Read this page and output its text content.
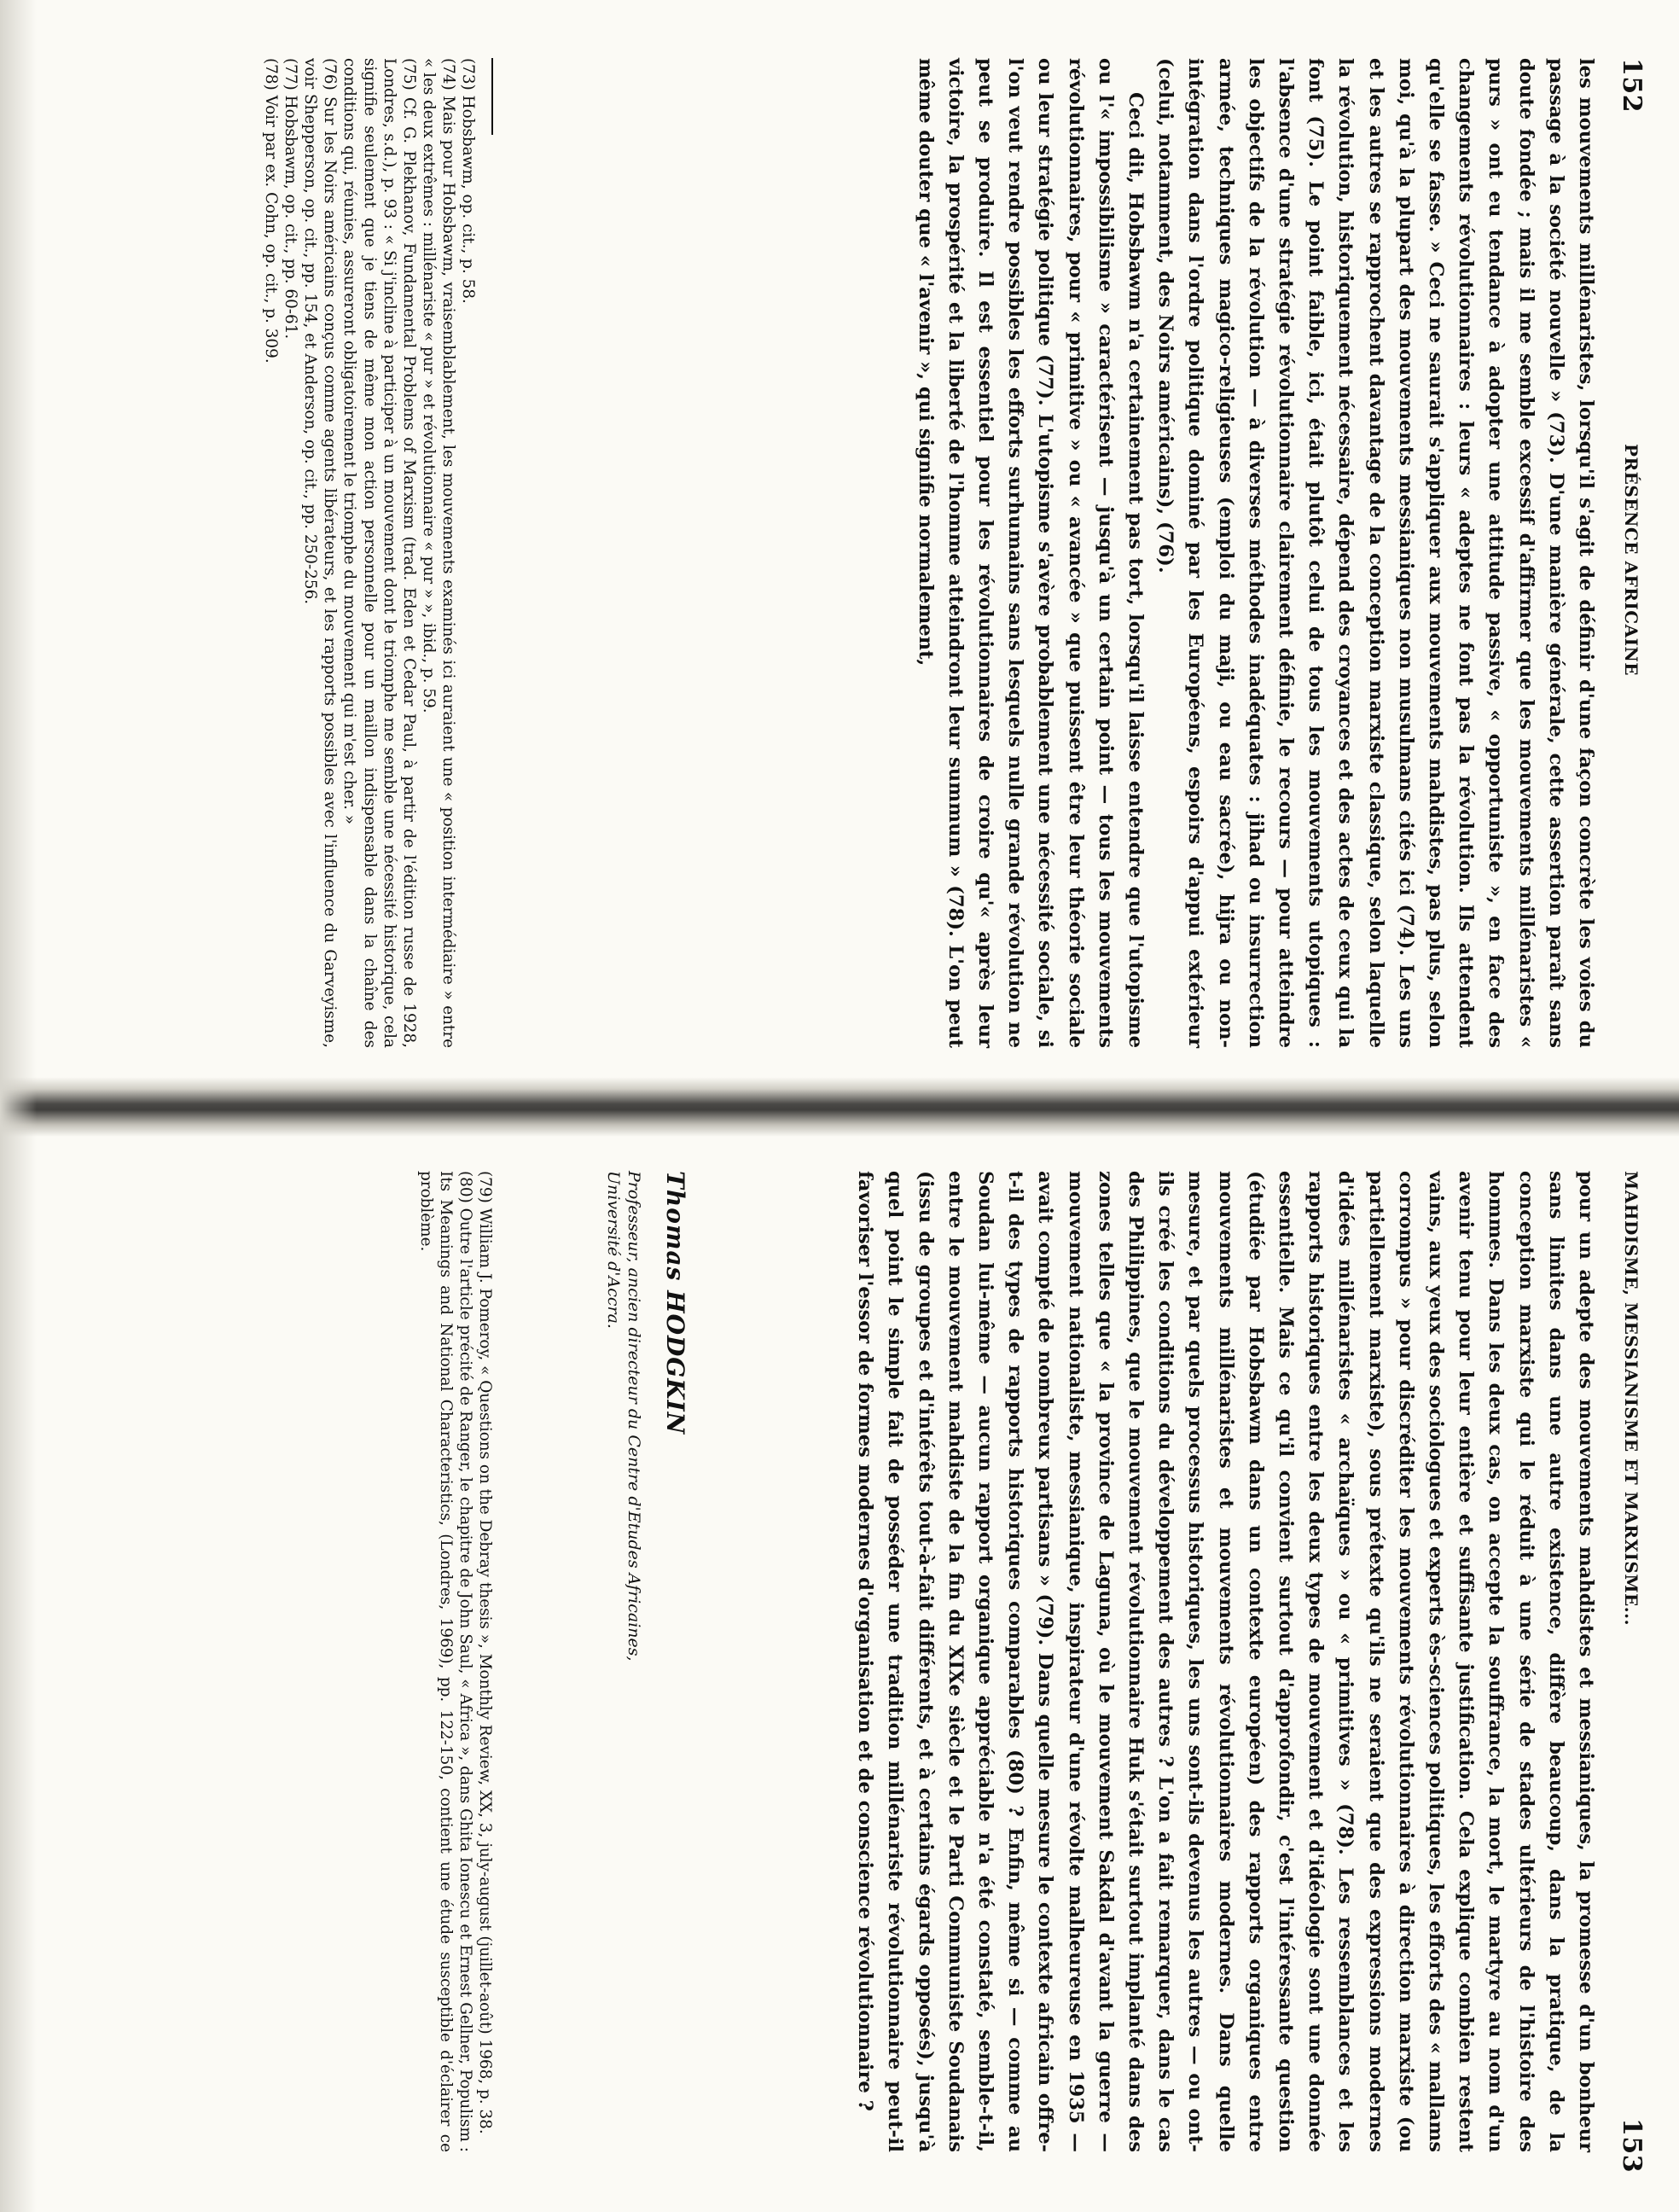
152
PRÉSENCE AFRICAINE

les mouvements millénaristes, lorsqu'il s'agit de définir d'une façon concrète les voies du passage à la société nouvelle » (73). D'une manière générale, cette assertion paraît sans doute fondée ; mais il me semble excessif d'affirmer que les mouvements millénaristes « purs » ont eu tendance à adopter une attitude passive, « opportuniste », en face des changements révolutionnaires : leurs « adeptes ne font pas la révolution. Ils attendent qu'elle se fasse. » Ceci ne saurait s'appliquer aux mouvements mahdistes, pas plus, selon moi, qu'à la plupart des mouvements messianiques non musulmans cités ici (74). Les uns et les autres se rapprochent davantage de la conception marxiste classique, selon laquelle la révolution, historiquement nécessaire, dépend des croyances et des actes de ceux qui la font (75). Le point faible, ici, était plutôt celui de tous les mouvements utopiques : l'absence d'une stratégie révolutionnaire clairement définie, le recours — pour atteindre les objectifs de la révolution — à diverses méthodes inadéquates : jihad ou insurrection armée, techniques magico-religieuses (emploi du maji, ou eau sacrée), hijra ou non-intégration dans l'ordre politique dominé par les Européens, espoirs d'appui extérieur (celui, notamment, des Noirs américains), (76).

Ceci dit, Hobsbawm n'a certainement pas tort, lorsqu'il laisse entendre que l'utopisme ou l'« impossibilisme » caractérisent — jusqu'à un certain point — tous les mouvements révolutionnaires, pour « primitive » ou « avancée » que puissent être leur théorie sociale ou leur stratégie politique (77). L'utopisme s'avère probablement une nécessité sociale, si l'on veut rendre possibles les efforts surhumains sans lesquels nulle grande révolution ne peut se produire. Il est essentiel pour les révolutionnaires de croire qu'« après leur victoire, la prospérité et la liberté de l'homme atteindront leur summum » (78). L'on peut même douter que « l'avenir », qui signifie normalement,

(73) Hobsbawm, op. cit., p. 58.

(74) Mais pour Hobsbawm, vraisemblablement, les mouvements examinés ici auraient une « position intermédiaire » entre « les deux extrêmes : millénariste « pur » et révolutionnaire « pur » », ibid., p. 59.

(75) Cf. G. Plekhanov, Fundamental Problems of Marxism (trad. Eden et Cedar Paul, à partir de l'édition russe de 1928, Londres, s.d.), p. 93 : « Si j'incline à participer à un mouvement dont le triomphe me semble une nécessité historique, cela signifie seulement que je tiens de même mon action personnelle pour un maillon indispensable dans la chaîne des conditions qui, réunies, assureront obligatoirement le triomphe du mouvement qui m'est cher. »

(76) Sur les Noirs américains conçus comme agents libérateurs, et les rapports possibles avec l'influence du Garveyisme, voir Shepperson, op. cit., pp. 154, et Anderson, op. cit., pp. 250-256.

(77) Hobsbawm, op. cit., pp. 60-61.

(78) Voir par ex. Cohn, op. cit., p. 309.

MAHDISME, MESSIANISME ET MARXISME...
153

pour un adepte des mouvements mahdistes et messianiques, la promesse d'un bonheur sans limites dans une autre existence, diffère beaucoup, dans la pratique, de la conception marxiste qui le réduit à une série de stades ultérieurs de l'histoire des hommes. Dans les deux cas, on accepte la souffrance, la mort, le martyre au nom d'un avenir tenu pour leur entière et suffisante justification. Cela explique combien restent vains, aux yeux des sociologues et experts ès-sciences politiques, les efforts des « mallams corrompus » pour discréditer les mouvements révolutionnaires à direction marxiste (ou partiellement marxiste), sous prétexte qu'ils ne seraient que des expressions modernes d'idées millénaristes « archaïques » ou « primitives » (78). Les ressemblances et les rapports historiques entre les deux types de mouvement et d'idéologie sont une donnée essentielle. Mais ce qu'il convient surtout d'approfondir, c'est l'intéressante question (étudiée par Hobsbawm dans un contexte européen) des rapports organiques entre mouvements millénaristes et mouvements révolutionnaires modernes. Dans quelle mesure, et par quels processus historiques, les uns sont-ils devenus les autres — ou ont-ils créé les conditions du développement des autres ? L'on a fait remarquer, dans le cas des Philippines, que le mouvement révolutionnaire Huk s'était surtout implanté dans des zones telles que « la province de Laguna, où le mouvement Sakdal d'avant la guerre — mouvement nationaliste, messianique, inspirateur d'une révolte malheureuse en 1935 — avait compté de nombreux partisans » (79). Dans quelle mesure le contexte africain offre-t-il des types de rapports historiques comparables (80) ? Enfin, même si — comme au Soudan lui-même — aucun rapport organique appréciable n'a été constaté, semble-t-il, entre le mouvement mahdiste de la fin du XIXe siècle et le Parti Communiste Soudanais (issu de groupes et d'intérêts tout-à-fait différents, et à certains égards opposés), jusqu'à quel point le simple fait de posséder une tradition millénariste révolutionnaire peut-il favoriser l'essor de formes modernes d'organisation et de conscience révolutionnaire ?

Thomas HODGKIN
Professeur, ancien directeur du Centre d'Etudes Africaines,
Université d'Accra.

(79) William J. Pomeroy, « Questions on the Debray thesis », Monthly Review, XX, 3, july-august (juillet-août) 1968, p. 38.

(80) Outre l'article précité de Ranger, le chapitre de John Saul, « Africa », dans Ghita Ionescu et Ernest Gellner, Populism : Its Meanings and National Characteristics, (Londres, 1969), pp. 122-150, contient une étude susceptible d'éclairer ce problème.
